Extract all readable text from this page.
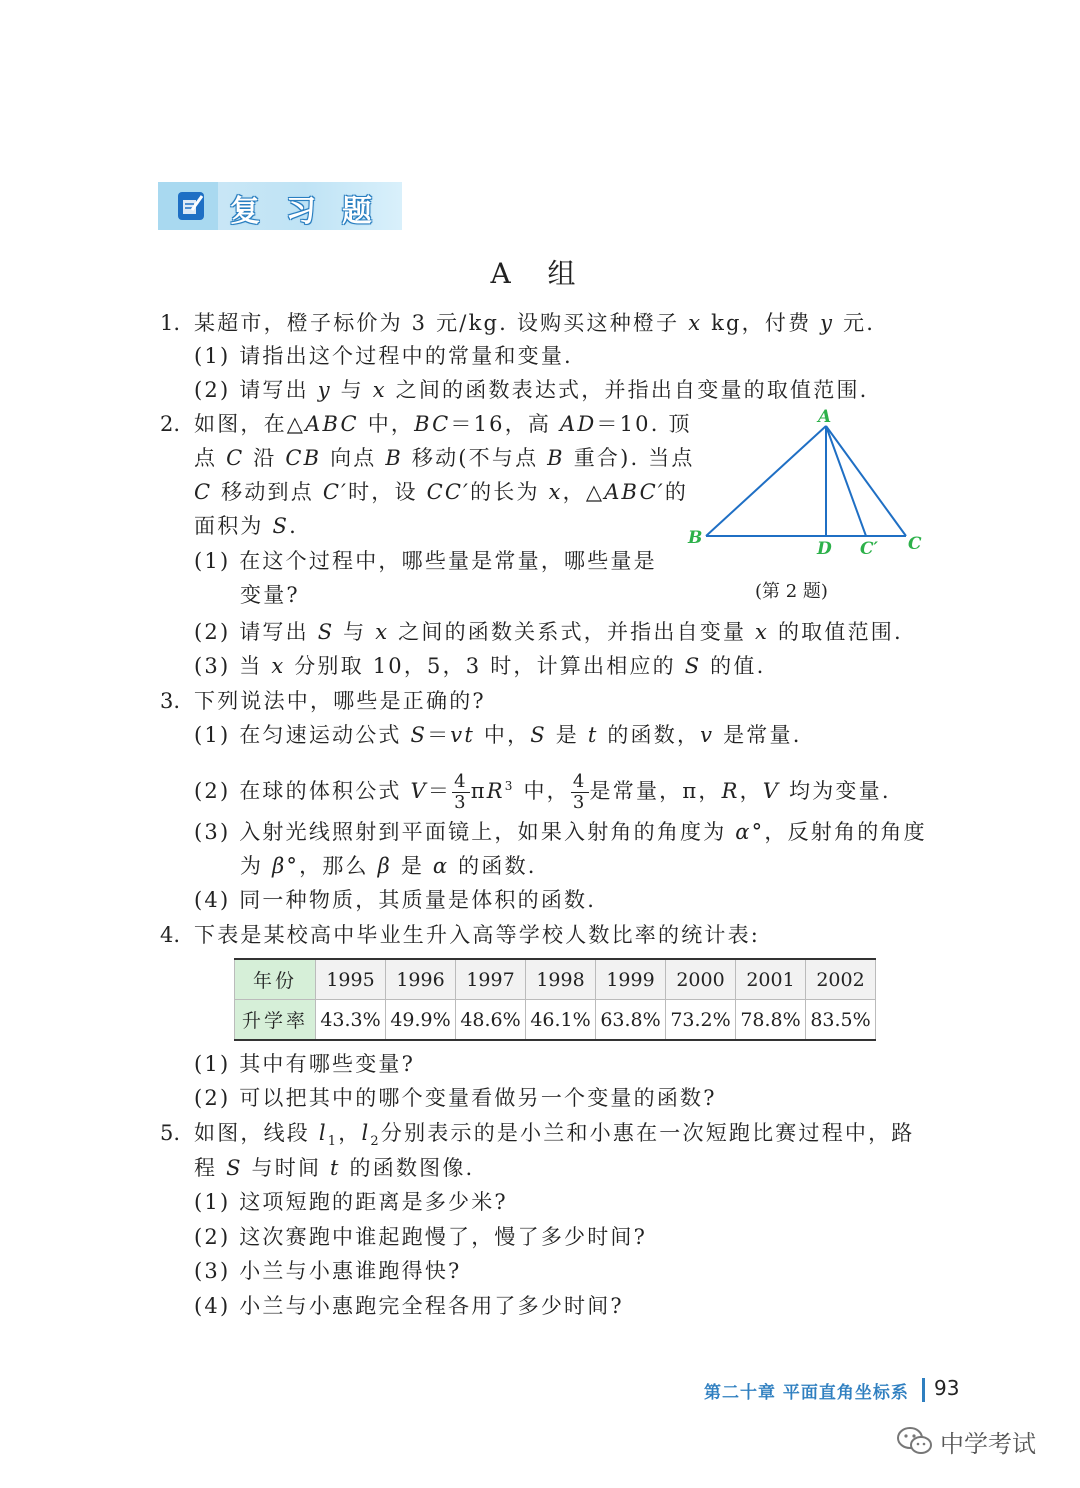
复习题
A 组
1. 某超市，橙子标价为 3 元/kg. 设购买这种橙子 x kg，付费 y 元.
(1) 请指出这个过程中的常量和变量.
(2) 请写出 y 与 x 之间的函数表达式，并指出自变量的取值范围.
2. 如图，在△ABC 中，BC＝16，高 AD＝10. 顶
点 C 沿 CB 向点 B 移动(不与点 B 重合). 当点
C 移动到点 C′时，设 CC′的长为 x，△ABC′的
面积为 S.
(1) 在这个过程中，哪些量是常量，哪些量是
变量?
(2) 请写出 S 与 x 之间的函数关系式，并指出自变量 x 的取值范围.
(3) 当 x 分别取 10，5，3 时，计算出相应的 S 的值.
A
B	C
D C′
(第 2 题)
3. 下列说法中，哪些是正确的?
(1) 在匀速运动公式 S＝vt 中，S 是 t 的函数，v 是常量.
(2) 在球的体积公式 $V= \frac{4}{3} \pi R^3$ 中， $\frac{4}{3}$ 是常量，π，R，V 均为变量.
(3) 入射光线照射到平面镜上，如果入射角的角度为 α°，反射角的角度
为 β°，那么 β 是 α 的函数.
(4) 同一种物质，其质量是体积的函数.
4. 下表是某校高中毕业生升入高等学校人数比率的统计表:
年份	1995	1996	1997	1998	1999	2000	2001	2002
升学率	43.3%	49.9%	48.6%	46.1%	63.8%	73.2%	78.8%	83.5%
(1) 其中有哪些变量?
(2) 可以把其中的哪个变量看做另一个变量的函数?
5. 如图，线段 $l_1$，$l_2$分别表示的是小兰和小惠在一次短跑比赛过程中，路
程 S 与时间 t 的函数图像.
(1) 这项短跑的距离是多少米?
(2) 这次赛跑中谁起跑慢了，慢了多少时间?
(3) 小兰与小惠谁跑得快?
(4) 小兰与小惠跑完全程各用了多少时间?
第二十章 平面直角坐标系 93
中学考试
